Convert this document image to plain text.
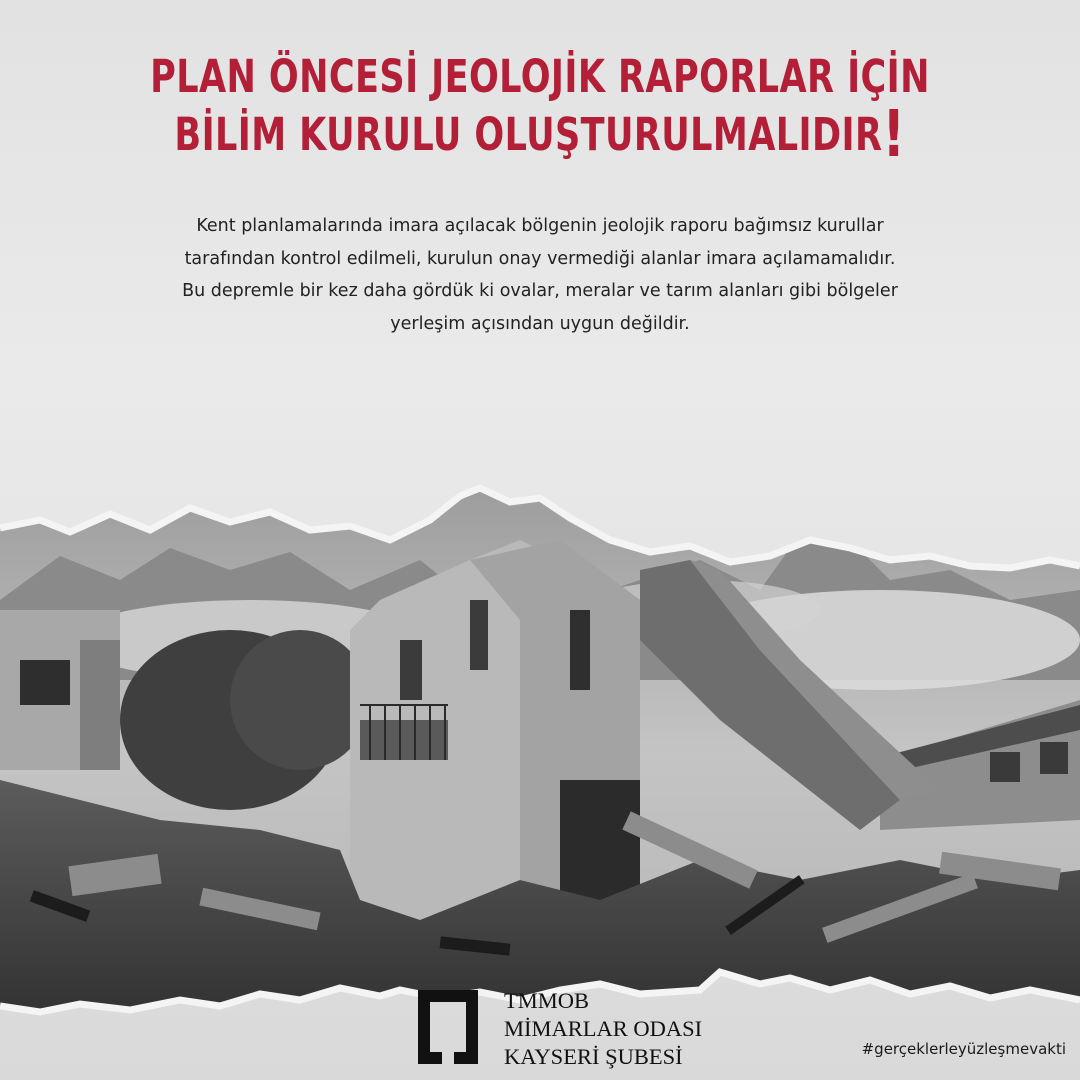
PLAN ÖNCESİ JEOLOJİK RAPORLAR İÇİN
BİLİM KURULU OLUŞTURULMALIDIR!
Kent planlamalarında imara açılacak bölgenin jeolojik raporu bağımsız kurullar
tarafından kontrol edilmeli, kurulun onay vermediği alanlar imara açılamamalıdır.
Bu depremle bir kez daha gördük ki ovalar, meralar ve tarım alanları gibi bölgeler
yerleşim açısından uygun değildir.
TMMOB
MİMARLAR ODASI
KAYSERİ ŞUBESİ	#gerçeklerleyüzleşmevakti
